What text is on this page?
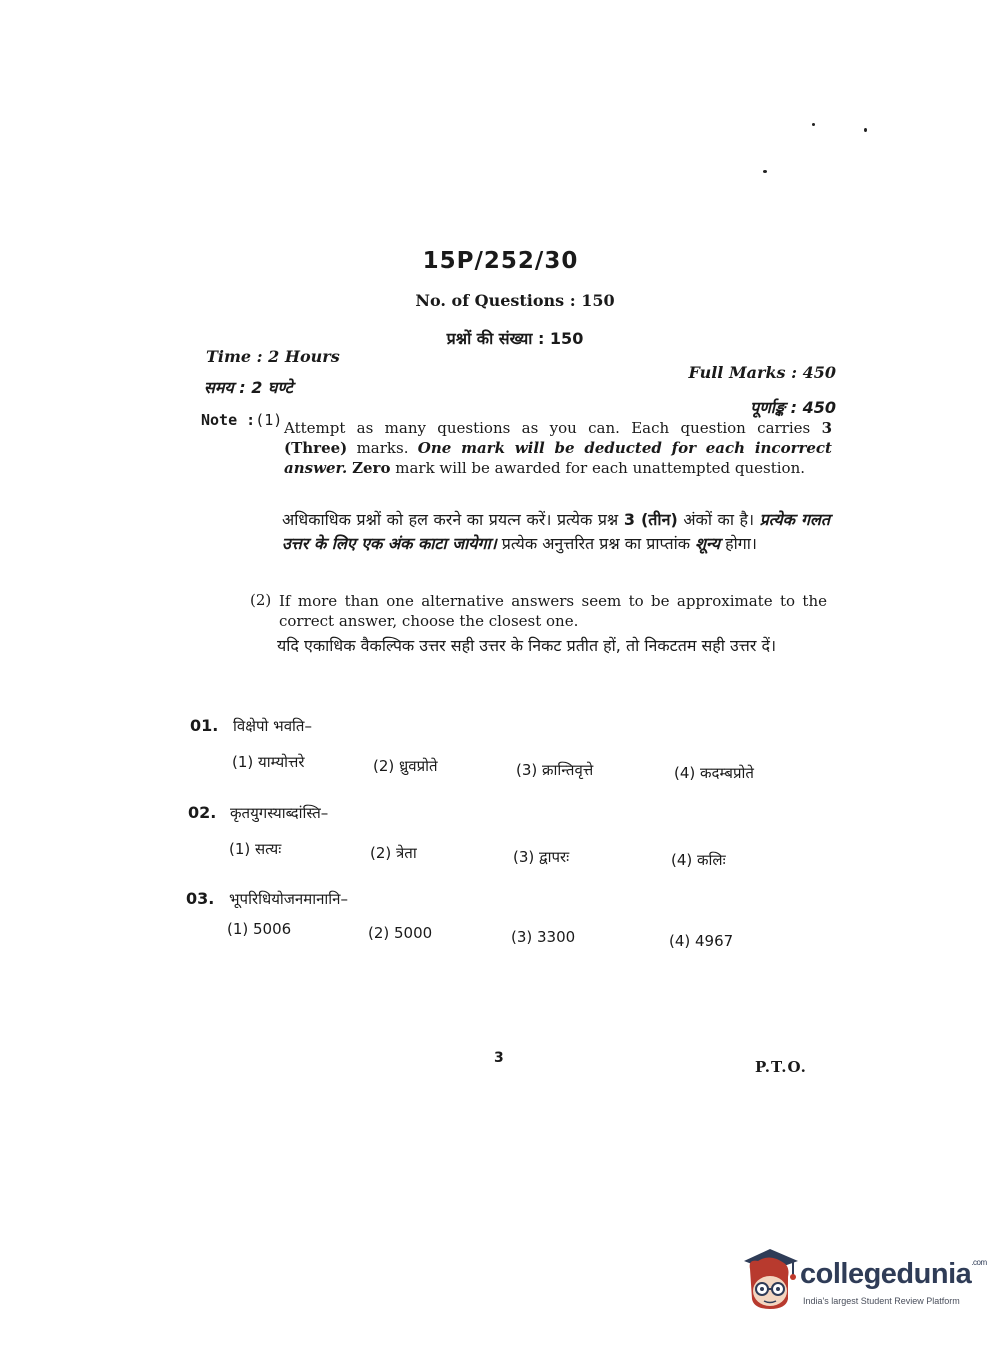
15P/252/30
No. of Questions : 150
प्रश्नों की संख्या : 150
Time : 2 Hours
समय : 2 घण्टे
Full Marks : 450
पूर्णाङ्क : 450
Note :(1) Attempt as many questions as you can. Each question carries 3 (Three) marks. One mark will be deducted for each incorrect answer. Zero mark will be awarded for each unattempted question.
अधिकाधिक प्रश्नों को हल करने का प्रयत्न करें। प्रत्येक प्रश्न 3 (तीन) अंकों का है। प्रत्येक गलत उत्तर के लिए एक अंक काटा जायेगा। प्रत्येक अनुत्तरित प्रश्न का प्राप्तांक शून्य होगा।
(2) If more than one alternative answers seem to be approximate to the correct answer, choose the closest one.
यदि एकाधिक वैकल्पिक उत्तर सही उत्तर के निकट प्रतीत हों, तो निकटतम सही उत्तर दें।
01. विक्षेपो भवति–
(1) याम्योत्तरे	(2) ध्रुवप्रोते	(3) क्रान्तिवृत्ते	(4) कदम्बप्रोते
02. कृतयुगस्याब्दांस्ति–
(1) सत्यः	(2) त्रेता	(3) द्वापरः	(4) कलिः
03. भूपरिधियोजनमानानि–
(1) 5006	(2) 5000	(3) 3300	(4) 4967
3	P.T.O.
collegedunia$^{.com}$
India's largest Student Review Platform
